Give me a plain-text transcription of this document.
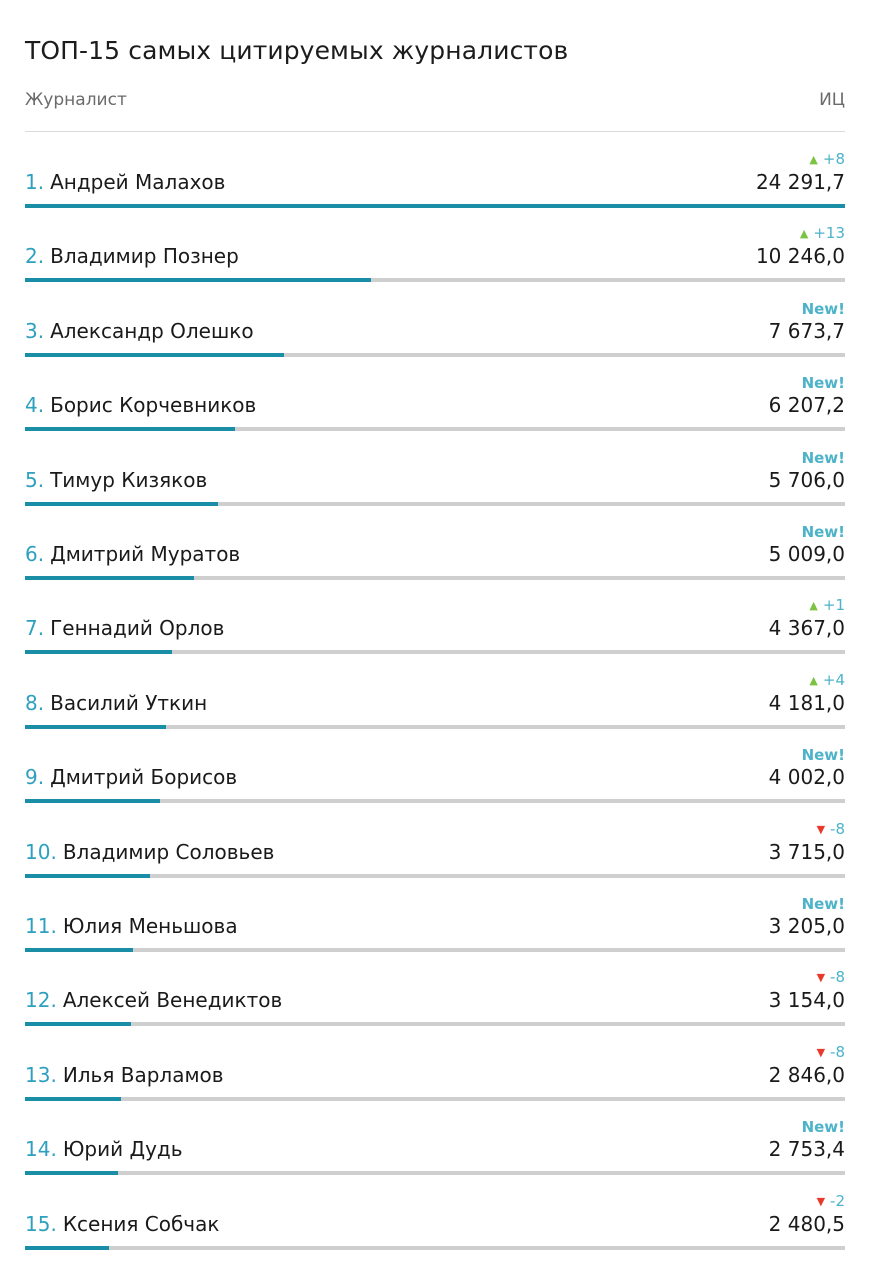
ТОП-15 самых цитируемых журналистов
Журналист	ИЦ
1. Андрей Малахов
▲ +8
24 291,7
2. Владимир Познер
▲ +13
10 246,0
3. Александр Олешко
New!
7 673,7
4. Борис Корчевников
New!
6 207,2
5. Тимур Кизяков
New!
5 706,0
6. Дмитрий Муратов
New!
5 009,0
7. Геннадий Орлов
▲ +1
4 367,0
8. Василий Уткин
▲ +4
4 181,0
9. Дмитрий Борисов
New!
4 002,0
10. Владимир Соловьев
▼ -8
3 715,0
11. Юлия Меньшова
New!
3 205,0
12. Алексей Венедиктов
▼ -8
3 154,0
13. Илья Варламов
▼ -8
2 846,0
14. Юрий Дудь
New!
2 753,4
15. Ксения Собчак
▼ -2
2 480,5
